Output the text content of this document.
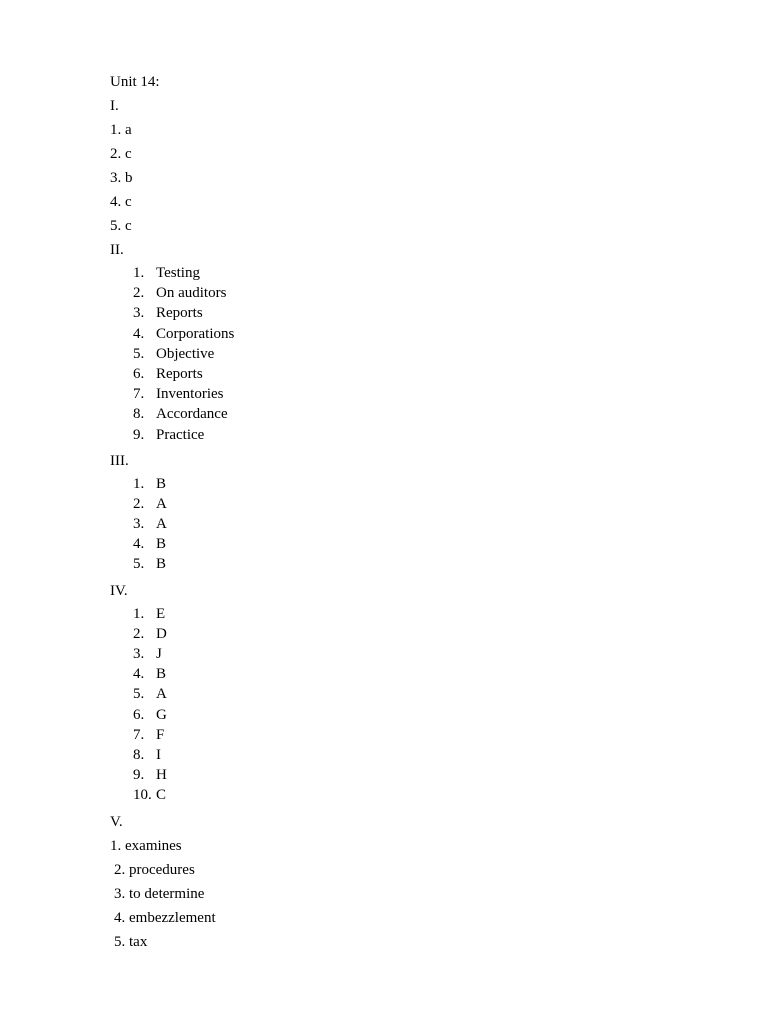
Unit 14:
I.
1. a
2. c
3. b
4. c
5. c
II.
1. Testing
2. On auditors
3. Reports
4. Corporations
5. Objective
6. Reports
7. Inventories
8. Accordance
9. Practice
III.
1. B
2. A
3. A
4. B
5. B
IV.
1. E
2. D
3. J
4. B
5. A
6. G
7. F
8. I
9. H
10. C
V.
1. examines
2. procedures
3. to determine
4. embezzlement
5. tax
